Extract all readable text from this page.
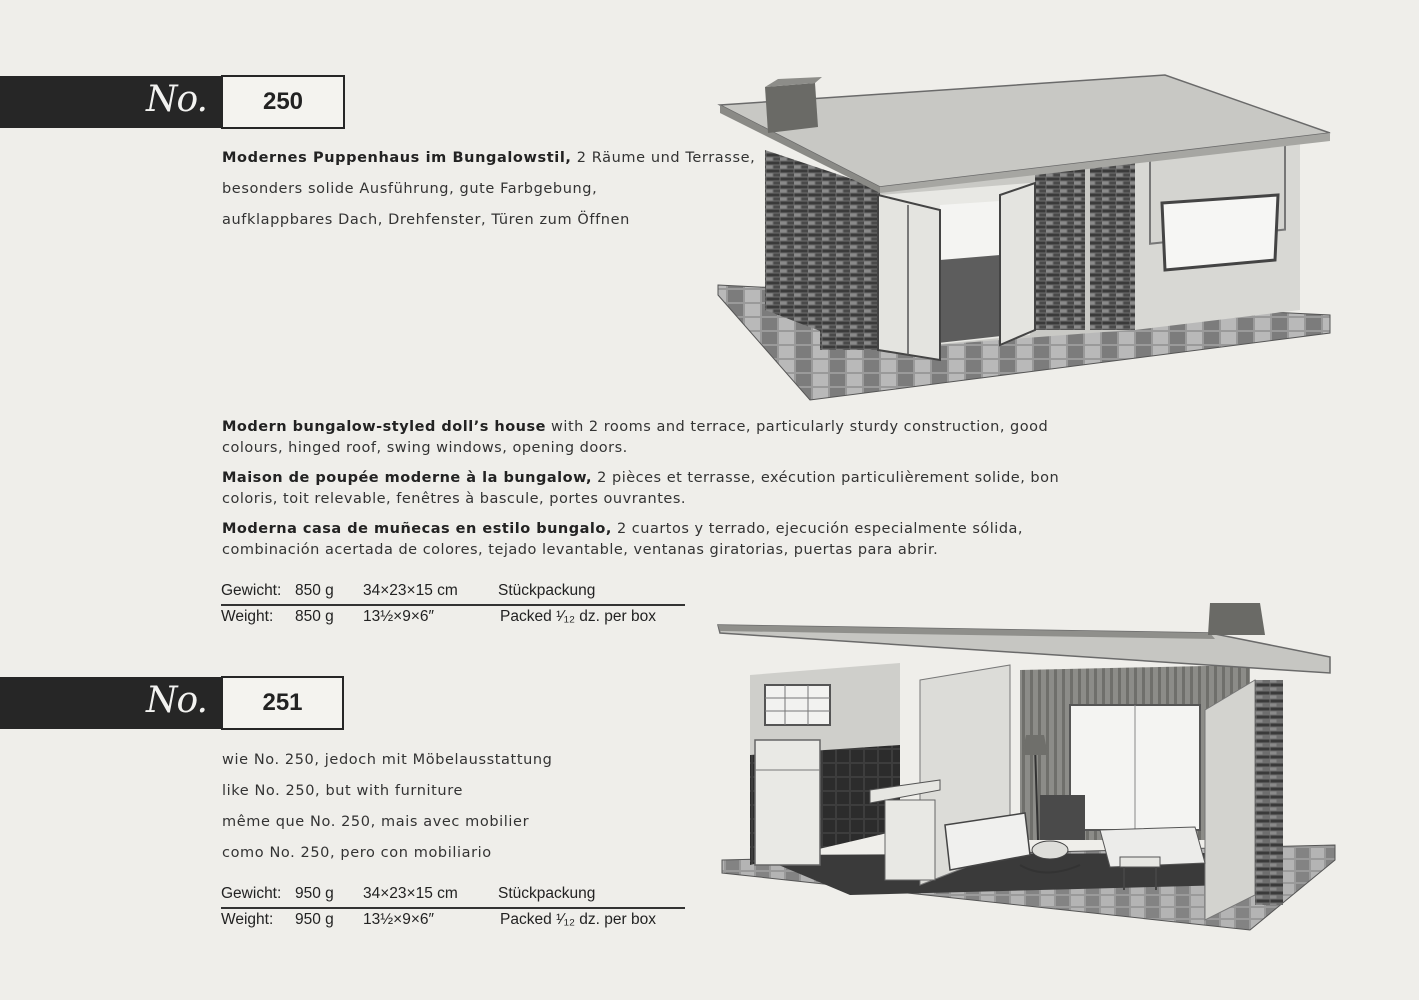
No. 250
Modernes Puppenhaus im Bungalowstil, 2 Räume und Terrasse,
besonders solide Ausführung, gute Farbgebung,
aufklappbares Dach, Drehfenster, Türen zum Öffnen
Modern bungalow-styled doll’s house with 2 rooms and terrace, particularly sturdy construction, good colours, hinged roof, swing windows, opening doors.
Maison de poupée moderne à la bungalow, 2 pièces et terrasse, exécution particulièrement solide, bon coloris, toit relevable, fenêtres à bascule, portes ouvrantes.
Moderna casa de muñecas en estilo bungalo, 2 cuartos y terrado, ejecución especialmente sólida, combinación acertada de colores, tejado levantable, ventanas giratorias, puertas para abrir.
Gewicht: 850 g 34×23×15 cm	Stückpackung
Weight: 850 g 13½×9×6″	Packed ¹⁄₁₂ dz. per box
No. 251
wie No. 250, jedoch mit Möbelausstattung
like No. 250, but with furniture
même que No. 250, mais avec mobilier
como No. 250, pero con mobiliario
Gewicht: 950 g 34×23×15 cm	Stückpackung
Weight: 950 g 13½×9×6″	Packed ¹⁄₁₂ dz. per box
